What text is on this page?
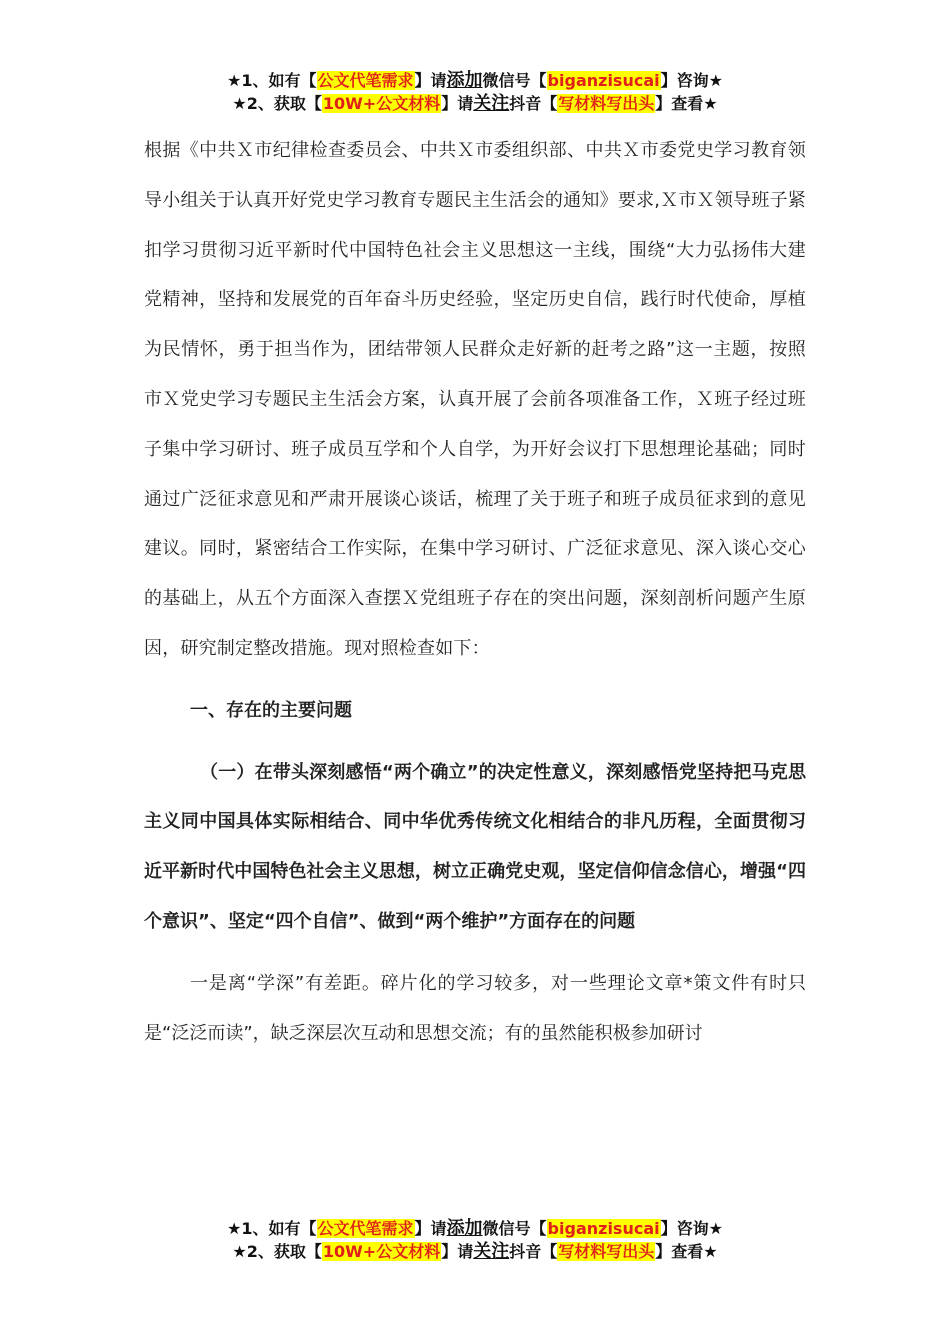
★1、如有【公文代笔需求】请添加微信号【biganzisucai】咨询★
★2、获取【10W+公文材料】请关注抖音【写材料写出头】查看★

根据《中共Ｘ市纪律检查委员会、中共Ｘ市委组织部、中共Ｘ市委党史学习教育领导小组关于认真开好党史学习教育专题民主生活会的通知》要求,Ｘ市Ｘ领导班子紧扣学习贯彻习近平新时代中国特色社会主义思想这一主线，围绕“大力弘扬伟大建党精神，坚持和发展党的百年奋斗历史经验，坚定历史自信，践行时代使命，厚植为民情怀，勇于担当作为，团结带领人民群众走好新的赶考之路”这一主题，按照市Ｘ党史学习专题民主生活会方案，认真开展了会前各项准备工作，Ｘ班子经过班子集中学习研讨、班子成员互学和个人自学，为开好会议打下思想理论基础；同时通过广泛征求意见和严肃开展谈心谈话，梳理了关于班子和班子成员征求到的意见建议。同时，紧密结合工作实际，在集中学习研讨、广泛征求意见、深入谈心交心的基础上，从五个方面深入查摆Ｘ党组班子存在的突出问题，深刻剖析问题产生原因，研究制定整改措施。现对照检查如下：

一、存在的主要问题

（一）在带头深刻感悟“两个确立”的决定性意义，深刻感悟党坚持把马克思主义同中国具体实际相结合、同中华优秀传统文化相结合的非凡历程，全面贯彻习近平新时代中国特色社会主义思想，树立正确党史观，坚定信仰信念信心，增强“四个意识”、坚定“四个自信”、做到“两个维护”方面存在的问题

一是离“学深”有差距。碎片化的学习较多，对一些理论文章*策文件有时只是“泛泛而读”，缺乏深层次互动和思想交流；有的虽然能积极参加研讨

★1、如有【公文代笔需求】请添加微信号【biganzisucai】咨询★
★2、获取【10W+公文材料】请关注抖音【写材料写出头】查看★
